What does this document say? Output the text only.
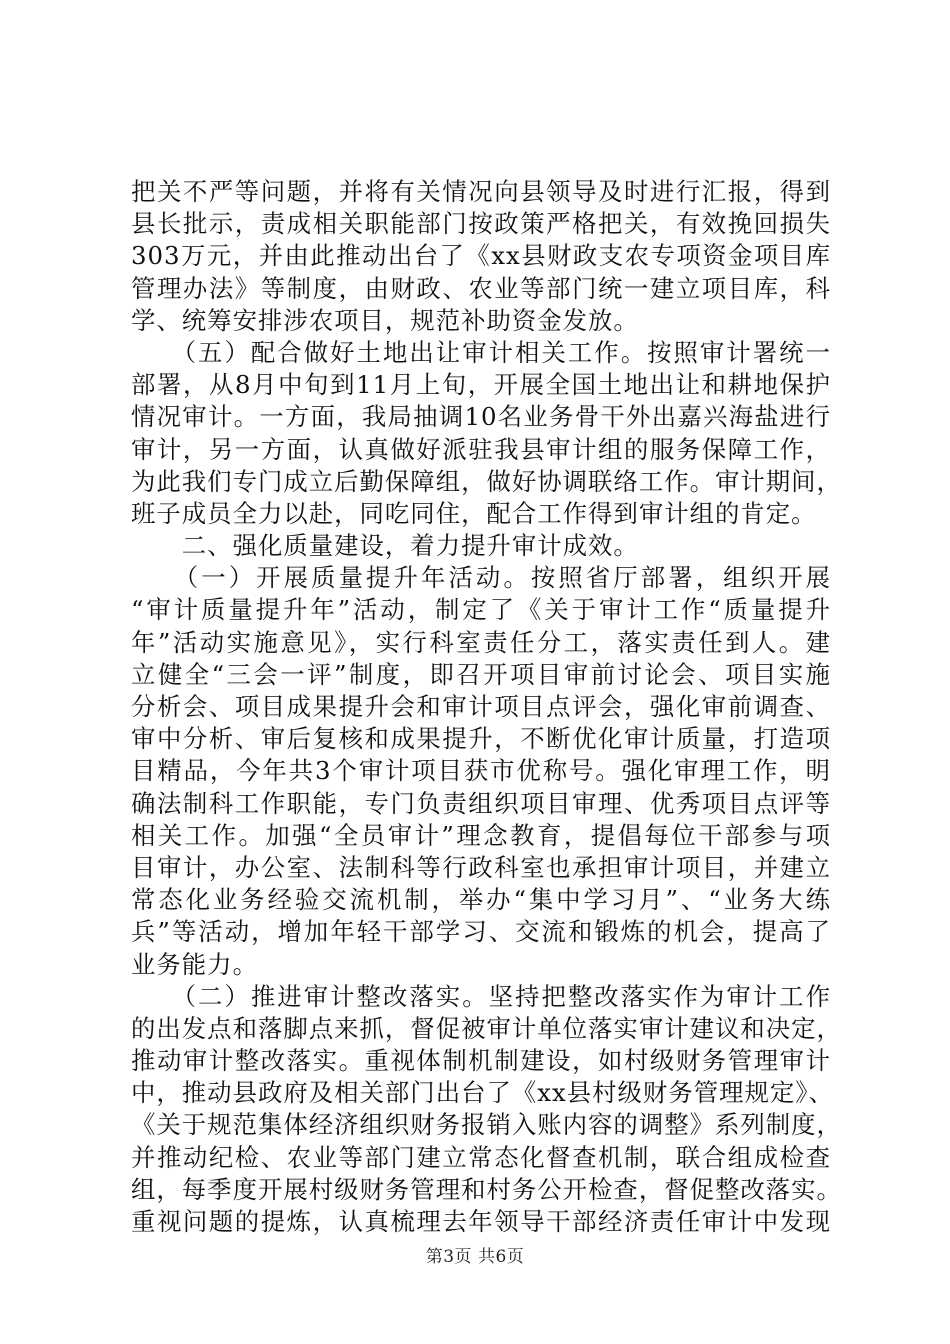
把关不严等问题，并将有关情况向县领导及时进行汇报，得到
县长批示，责成相关职能部门按政策严格把关，有效挽回损失
303万元，并由此推动出台了《xx县财政支农专项资金项目库
管理办法》等制度，由财政、农业等部门统一建立项目库，科
学、统筹安排涉农项目，规范补助资金发放。
　　（五）配合做好土地出让审计相关工作。按照审计署统一
部署，从8月中旬到11月上旬，开展全国土地出让和耕地保护
情况审计。一方面，我局抽调10名业务骨干外出嘉兴海盐进行
审计，另一方面，认真做好派驻我县审计组的服务保障工作，
为此我们专门成立后勤保障组，做好协调联络工作。审计期间，
班子成员全力以赴，同吃同住，配合工作得到审计组的肯定。
　　二、强化质量建设，着力提升审计成效。
　　（一）开展质量提升年活动。按照省厅部署，组织开展
“审计质量提升年”活动，制定了《关于审计工作“质量提升
年”活动实施意见》，实行科室责任分工，落实责任到人。建
立健全“三会一评”制度，即召开项目审前讨论会、项目实施
分析会、项目成果提升会和审计项目点评会，强化审前调查、
审中分析、审后复核和成果提升，不断优化审计质量，打造项
目精品，今年共3个审计项目获市优称号。强化审理工作，明
确法制科工作职能，专门负责组织项目审理、优秀项目点评等
相关工作。加强“全员审计”理念教育，提倡每位干部参与项
目审计，办公室、法制科等行政科室也承担审计项目，并建立
常态化业务经验交流机制，举办“集中学习月”、“业务大练
兵”等活动，增加年轻干部学习、交流和锻炼的机会，提高了
业务能力。
　　（二）推进审计整改落实。坚持把整改落实作为审计工作
的出发点和落脚点来抓，督促被审计单位落实审计建议和决定，
推动审计整改落实。重视体制机制建设，如村级财务管理审计
中，推动县政府及相关部门出台了《xx县村级财务管理规定》、
《关于规范集体经济组织财务报销入账内容的调整》系列制度，
并推动纪检、农业等部门建立常态化督查机制，联合组成检查
组，每季度开展村级财务管理和村务公开检查，督促整改落实。
重视问题的提炼，认真梳理去年领导干部经济责任审计中发现
第3页 共6页
